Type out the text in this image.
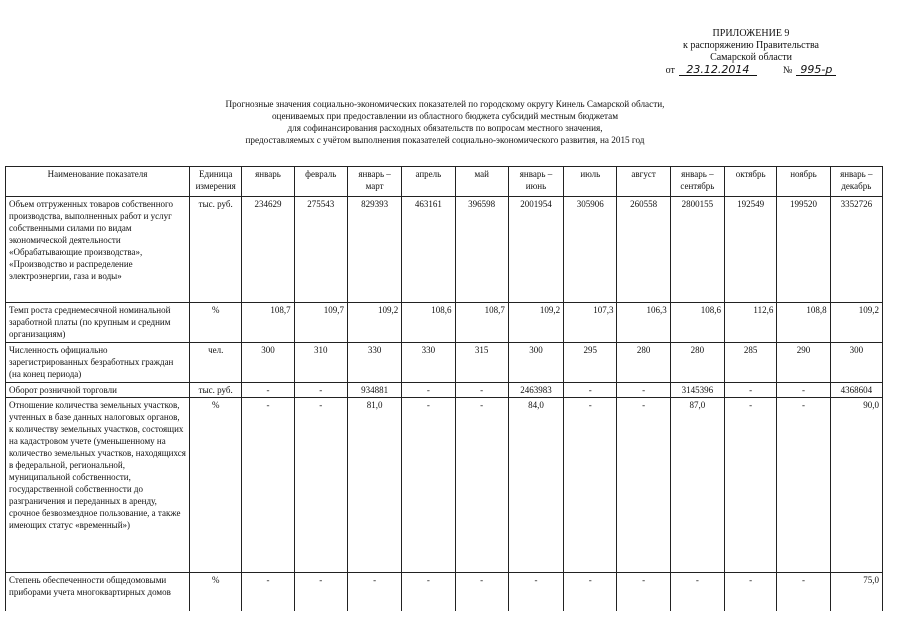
ПРИЛОЖЕНИЕ 9
к распоряжению Правительства
Самарской области
от	23.12.2014	№ 995-р
Прогнозные значения социально-экономических показателей по городскому округу Кинель Самарской области,
оцениваемых при предоставлении из областного бюджета субсидий местным бюджетам
для софинансирования расходных обязательств по вопросам местного значения,
предоставляемых с учётом выполнения показателей социально-экономического развития, на 2015 год
Наименование показателя	Единица измерения	январь	февраль	январь – март	апрель	май	январь – июнь	июль	август	январь – сентябрь	октябрь	ноябрь	январь – декабрь
Объем отгруженных товаров собственного производства, выполненных работ и услуг собственными силами по видам экономической деятельности «Обрабатывающие производства», «Производство и распределение электроэнергии, газа и воды»	тыс. руб.	234629	275543	829393	463161	396598	2001954	305906	260558	2800155	192549	199520	3352726
Темп роста среднемесячной номинальной заработной платы (по крупным и средним организациям)	%	108,7	109,7	109,2	108,6	108,7	109,2	107,3	106,3	108,6	112,6	108,8	109,2
Численность официально зарегистрированных безработных граждан (на конец периода)	чел.	300	310	330	330	315	300	295	280	280	285	290	300
Оборот розничной торговли	тыс. руб.	-	-	934881	-	-	2463983	-	-	3145396	-	-	4368604
Отношение количества земельных участков, учтенных в базе данных налоговых органов, к количеству земельных участков, состоящих на кадастровом учете (уменьшенному на количество земельных участков, находящихся в федеральной, региональной, муниципальной собственности, государственной собственности до разграничения и переданных в аренду, срочное безвозмездное пользование, а также имеющих статус «временный»)	%	-	-	81,0	-	-	84,0	-	-	87,0	-	-	90,0
Степень обеспеченности общедомовыми приборами учета многоквартирных домов	%	-	-	-	-	-	-	-	-	-	-	-	75,0
